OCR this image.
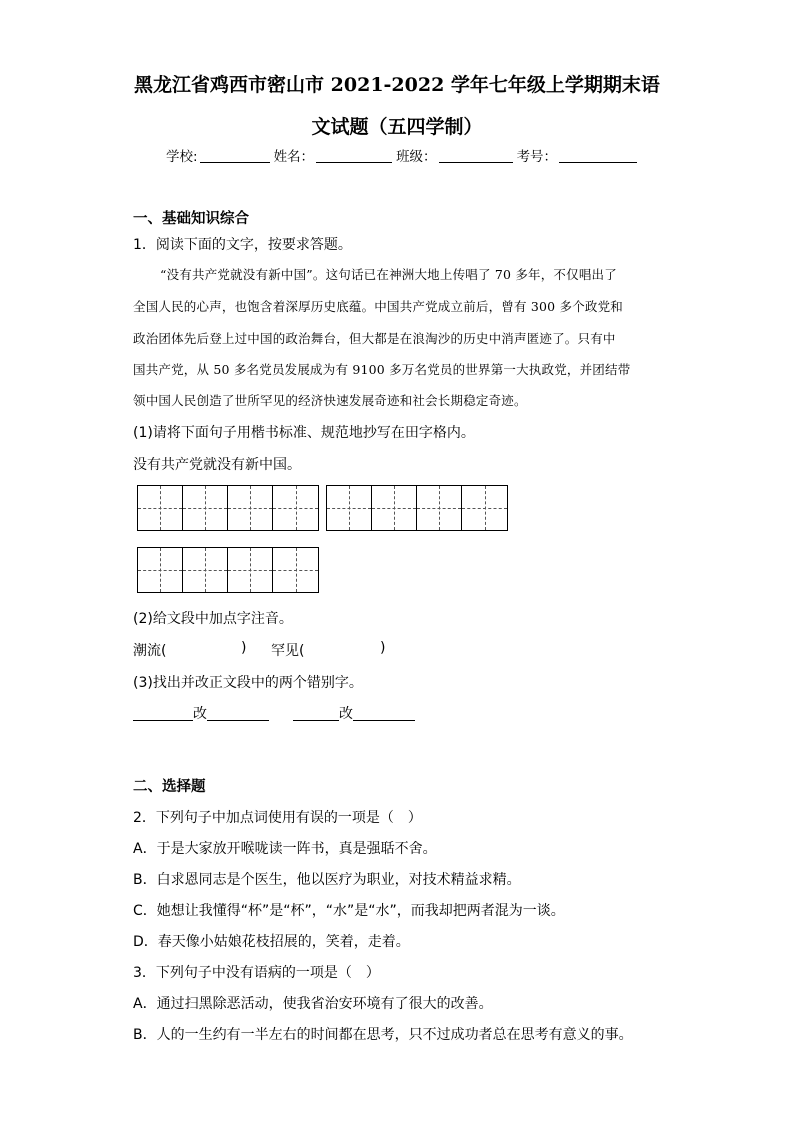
黑龙江省鸡西市密山市 2021-2022 学年七年级上学期期末语
文试题（五四学制）
学校:	姓名：	班级：	考号：
一、基础知识综合
1．阅读下面的文字，按要求答题。
“没有共产党就没有新中国”。这句话已在神洲大地上传唱了 70 多年，不仅唱出了
全国人民的心声，也饱含着深厚历史底蕴。中国共产党成立前后，曾有 300 多个政党和
政治团体先后登上过中国的政治舞台，但大都是在浪淘沙的历史中消声匿迹了。只有中
国共产党，从 50 多名党员发展成为有 9100 多万名党员的世界第一大执政党，并团结带
领中国人民创造了世所罕见的经济快速发展奇迹和社会长期稳定奇迹。
(1)请将下面句子用楷书标准、规范地抄写在田字格内。
没有共产党就没有新中国。
(2)给文段中加点字注音。
潮流(	) 罕见(	)
(3)找出并改正文段中的两个错别字。
改	改
二、选择题
2．下列句子中加点词使用有误的一项是（　）
A．于是大家放开喉咙读一阵书，真是强聒不舍。
B．白求恩同志是个医生，他以医疗为职业，对技术精益求精。
C．她想让我懂得“杯”是“杯”，“水”是“水”，而我却把两者混为一谈。
D．春天像小姑娘花枝招展的，笑着，走着。
3．下列句子中没有语病的一项是（　）
A．通过扫黑除恶活动，使我省治安环境有了很大的改善。
B．人的一生约有一半左右的时间都在思考，只不过成功者总在思考有意义的事。
